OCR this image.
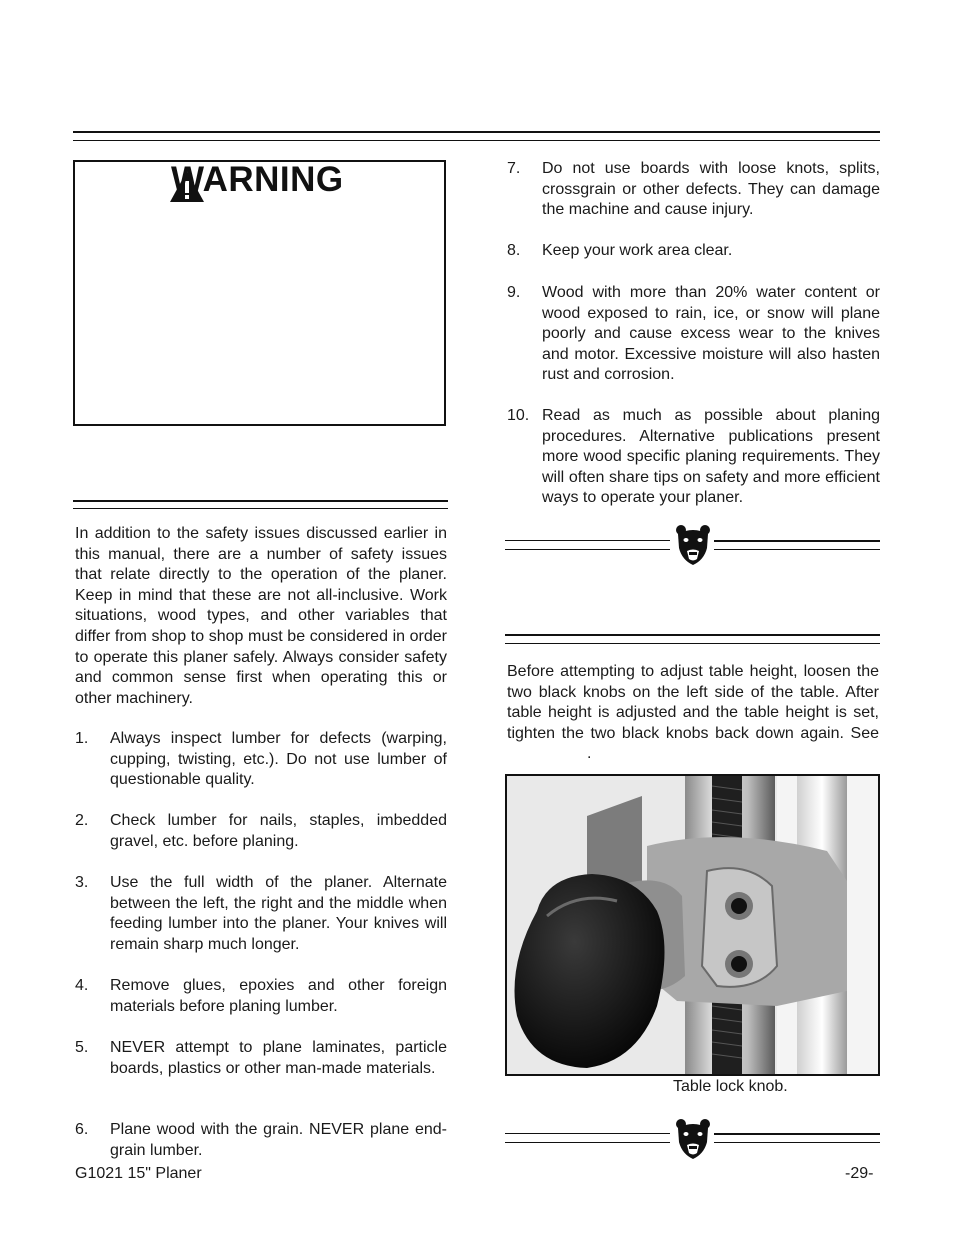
WARNING
In addition to the safety issues discussed earlier in this manual, there are a number of safety issues that relate directly to the operation of the planer. Keep in mind that these are not all-inclusive. Work situations, wood types, and other variables that differ from shop to shop must be considered in order to operate this planer safely. Always consider safety and common sense first when operating this or other machinery.
1. Always inspect lumber for defects (warping, cupping, twisting, etc.). Do not use lumber of questionable quality.
2. Check lumber for nails, staples, imbedded gravel, etc. before planing.
3. Use the full width of the planer. Alternate between the left, the right and the middle when feeding lumber into the planer. Your knives will remain sharp much longer.
4. Remove glues, epoxies and other foreign materials before planing lumber.
5. NEVER attempt to plane laminates, particle boards, plastics or other man-made materials.
6. Plane wood with the grain. NEVER plane end-grain lumber.
7. Do not use boards with loose knots, splits, crossgrain or other defects. They can damage the machine and cause injury.
8. Keep your work area clear.
9. Wood with more than 20% water content or wood exposed to rain, ice, or snow will plane poorly and cause excess wear to the knives and motor. Excessive moisture will also hasten rust and corrosion.
10. Read as much as possible about planing procedures. Alternative publications present more wood specific planing requirements. They will often share tips on safety and more efficient ways to operate your planer.
Before attempting to adjust table height, loosen the two black knobs on the left side of the table. After table height is adjusted and the table height is set, tighten the two black knobs back down again. See.
Table lock knob.
G1021 15" Planer	-29-
